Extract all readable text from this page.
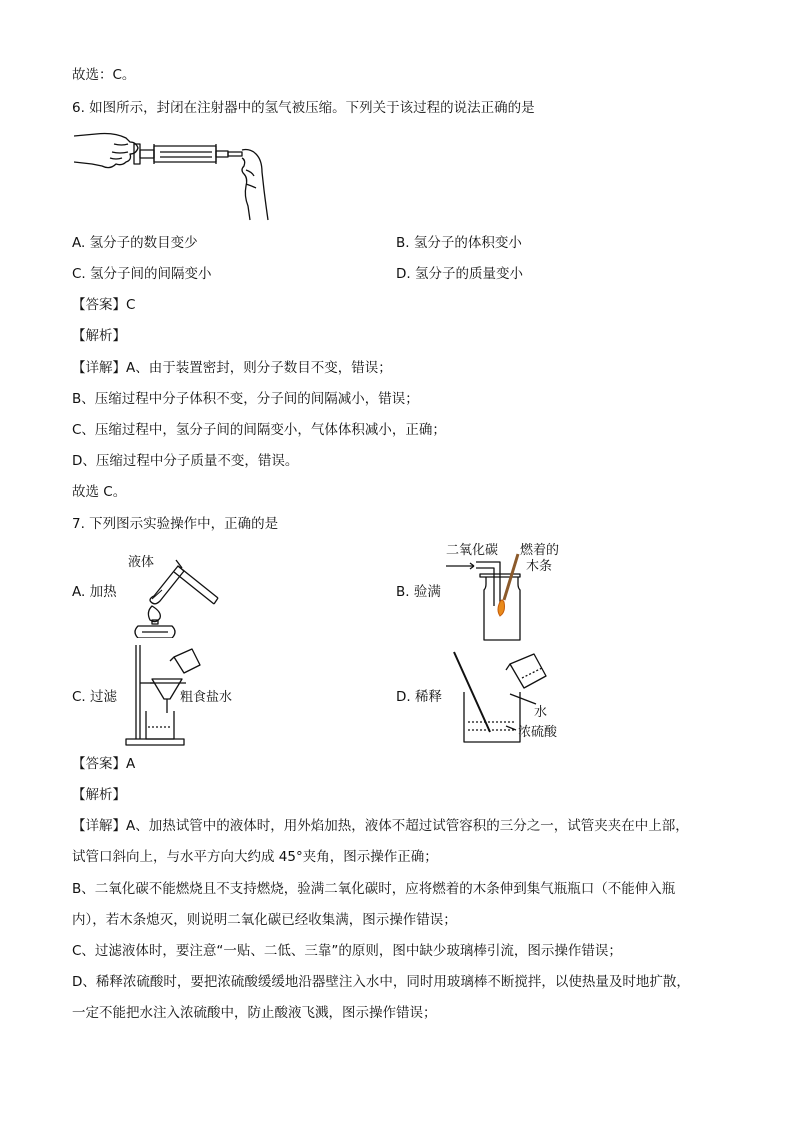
故选：C。
6. 如图所示，封闭在注射器中的氢气被压缩。下列关于该过程的说法正确的是
A. 氢分子的数目变少	B. 氢分子的体积变小
C. 氢分子间的间隔变小	D. 氢分子的质量变小
【答案】C
【解析】
【详解】A、由于装置密封，则分子数目不变，错误；
B、压缩过程中分子体积不变，分子间的间隔减小，错误；
C、压缩过程中，氢分子间的间隔变小，气体体积减小，正确；
D、压缩过程中分子质量不变，错误。
故选 C。
7. 下列图示实验操作中，正确的是
A. 加热
液体
B. 验满
二氧化碳 燃着的
木条
C. 过滤	粗食盐水	D. 稀释
水
浓硫酸
【答案】A
【解析】
【详解】A、加热试管中的液体时，用外焰加热，液体不超过试管容积的三分之一，试管夹夹在中上部，
试管口斜向上，与水平方向大约成 45°夹角，图示操作正确；
B、二氧化碳不能燃烧且不支持燃烧，验满二氧化碳时，应将燃着的木条伸到集气瓶瓶口（不能伸入瓶
内），若木条熄灭，则说明二氧化碳已经收集满，图示操作错误；
C、过滤液体时，要注意“一贴、二低、三靠”的原则，图中缺少玻璃棒引流，图示操作错误；
D、稀释浓硫酸时，要把浓硫酸缓缓地沿器壁注入水中，同时用玻璃棒不断搅拌，以使热量及时地扩散，
一定不能把水注入浓硫酸中，防止酸液飞溅，图示操作错误；
